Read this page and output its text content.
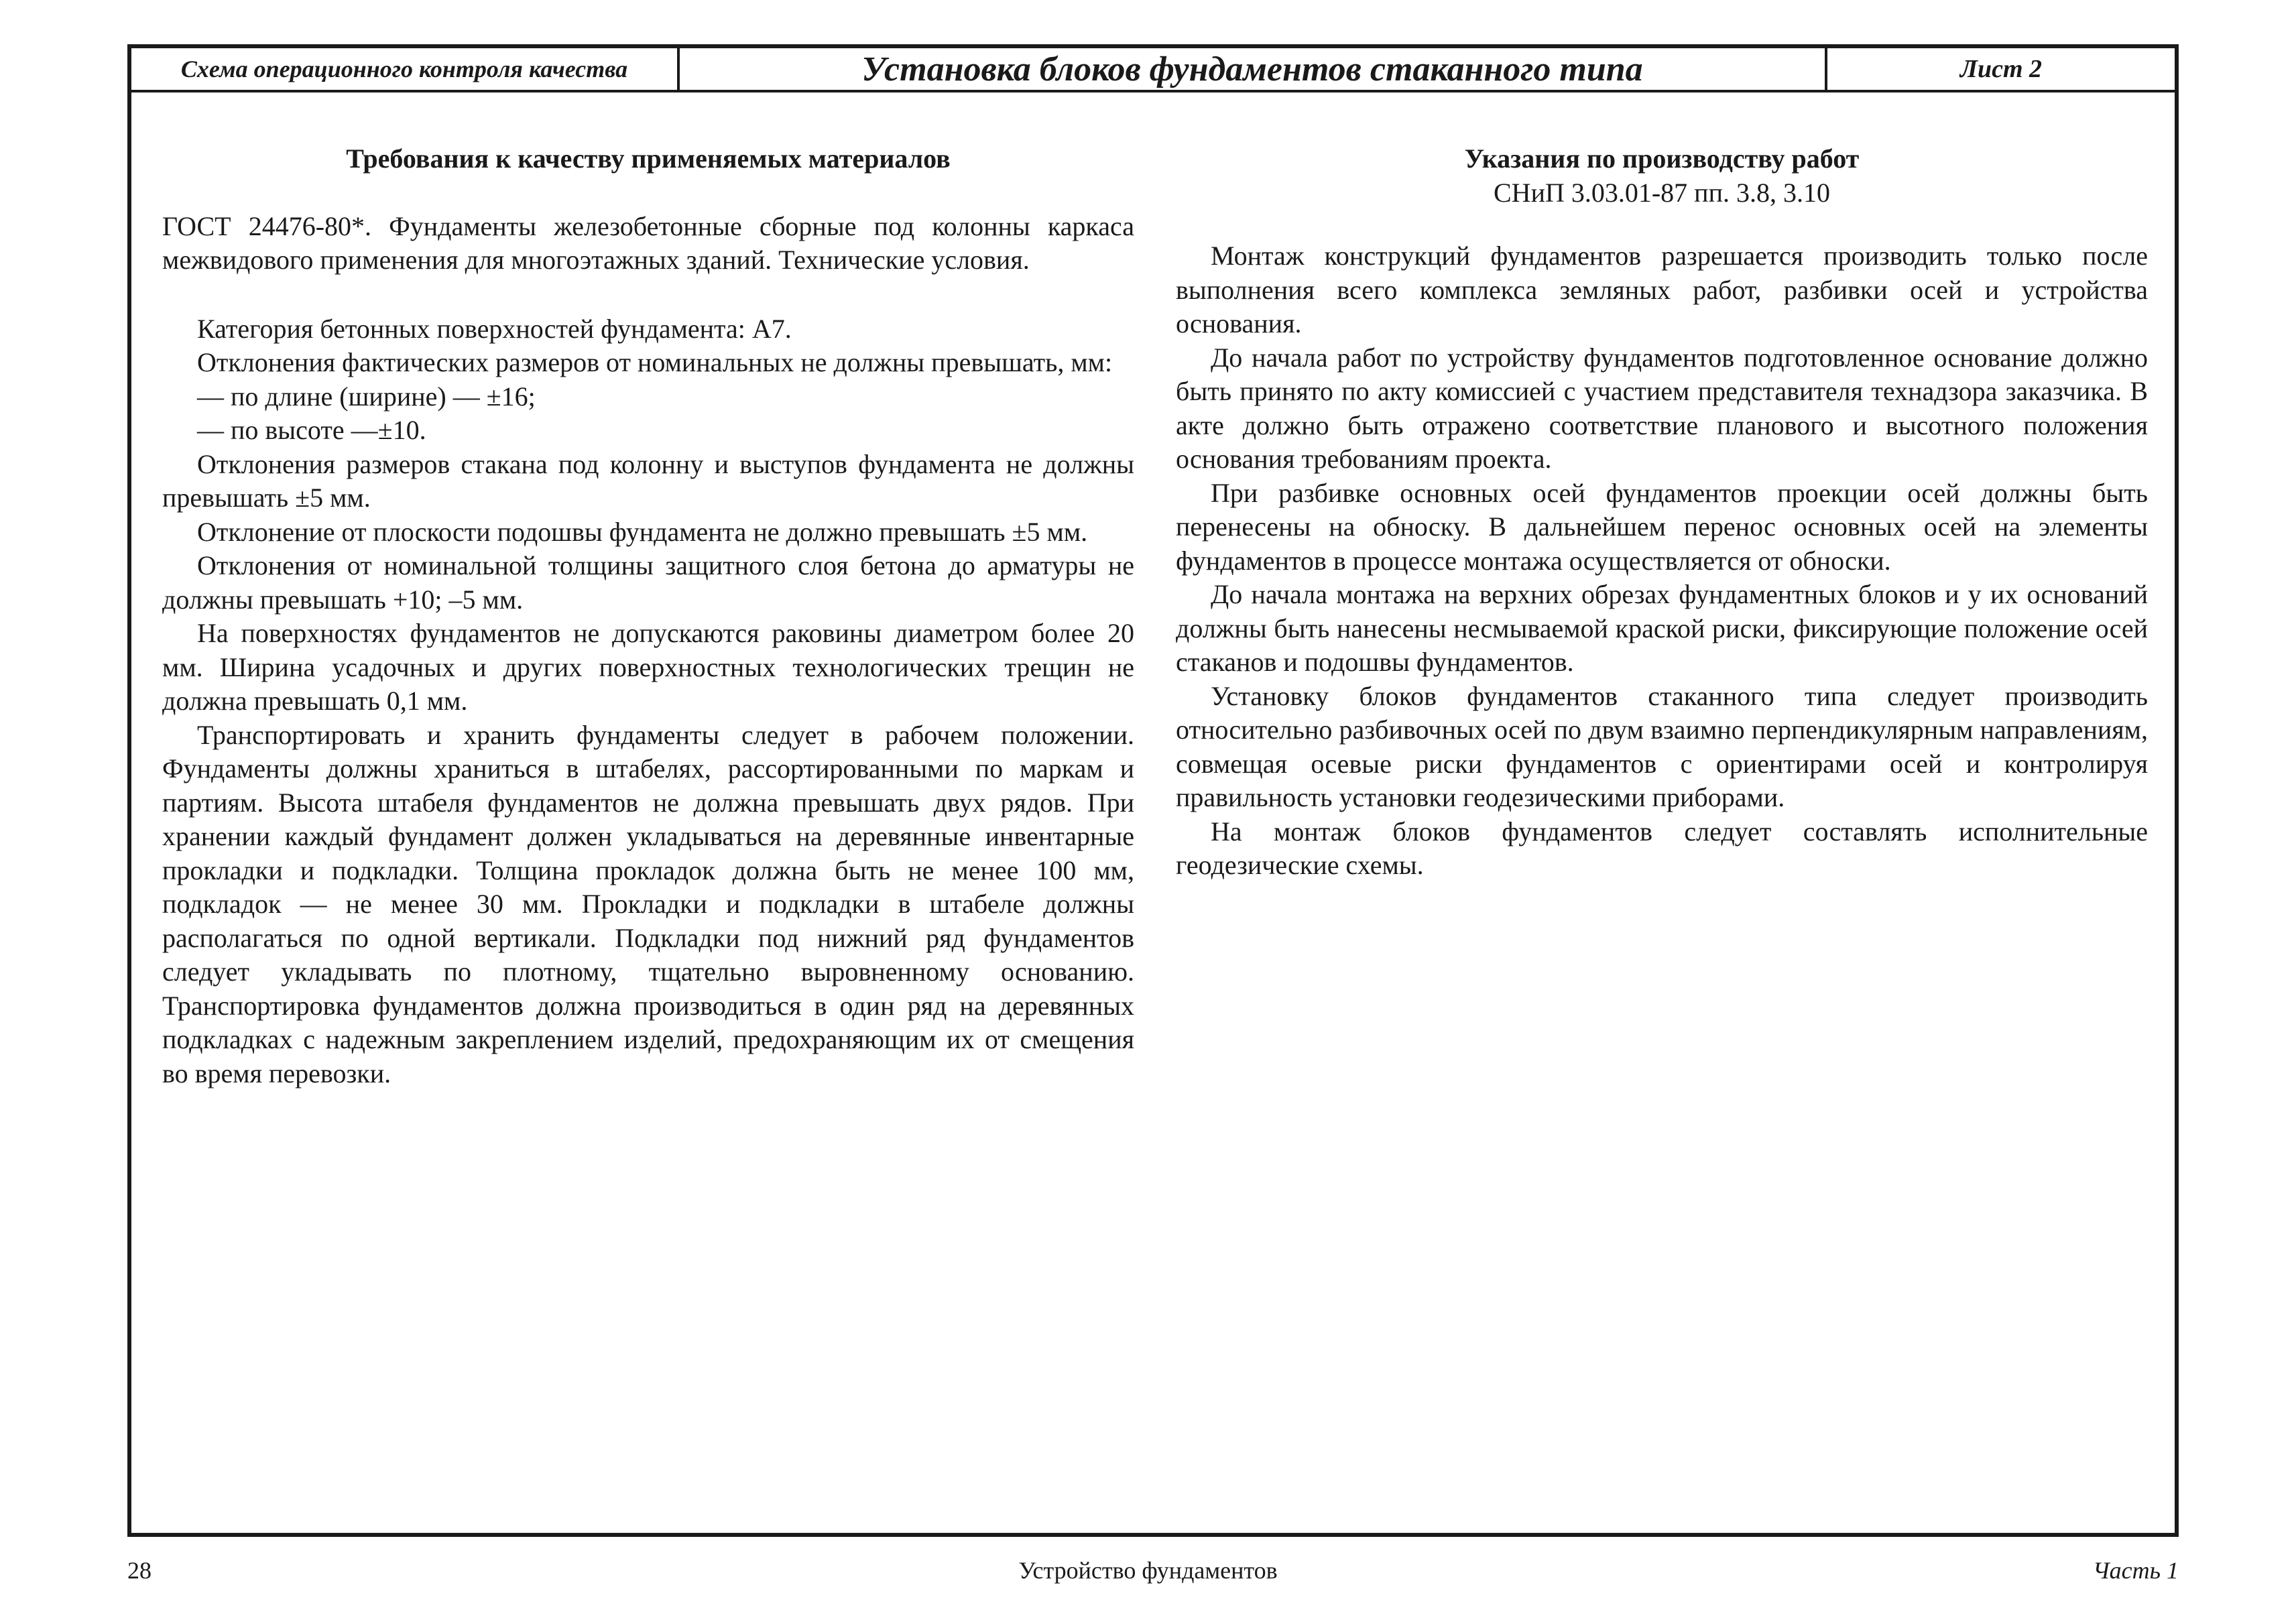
Схема операционного контроля качества	Установка блоков фундаментов стаканного типа	Лист 2
Требования к качеству применяемых материалов

ГОСТ 24476-80*. Фундаменты железобетонные сборные под колонны каркаса межвидового применения для многоэтажных зданий. Технические условия.

Категория бетонных поверхностей фундамента: А7.

Отклонения фактических размеров от номинальных не должны превышать, мм:

— по длине (ширине) — ±16;

— по высоте —±10.

Отклонения размеров стакана под колонну и выступов фундамента не должны превышать ±5 мм.

Отклонение от плоскости подошвы фундамента не должно превышать ±5 мм.

Отклонения от номинальной толщины защитного слоя бетона до арматуры не должны превышать +10; –5 мм.

На поверхностях фундаментов не допускаются раковины диаметром более 20 мм. Ширина усадочных и других поверхностных технологических трещин не должна превышать 0,1 мм.

Транспортировать и хранить фундаменты следует в рабочем положении. Фундаменты должны храниться в штабелях, рассортированными по маркам и партиям. Высота штабеля фундаментов не должна превышать двух рядов. При хранении каждый фундамент должен укладываться на деревянные инвентарные прокладки и подкладки. Толщина прокладок должна быть не менее 100 мм, подкладок — не менее 30 мм. Прокладки и подкладки в штабеле должны располагаться по одной вертикали. Подкладки под нижний ряд фундаментов следует укладывать по плотному, тщательно выровненному основанию. Транспортировка фундаментов должна производиться в один ряд на деревянных подкладках с надежным закреплением изделий, предохраняющим их от смещения во время перевозки.

Указания по производству работ
СНиП 3.03.01-87 пп. 3.8, 3.10

Монтаж конструкций фундаментов разрешается производить только после выполнения всего комплекса земляных работ, разбивки осей и устройства основания.

До начала работ по устройству фундаментов подготовленное основание должно быть принято по акту комиссией с участием представителя технадзора заказчика. В акте должно быть отражено соответствие планового и высотного положения основания требованиям проекта.

При разбивке основных осей фундаментов проекции осей должны быть перенесены на обноску. В дальнейшем перенос основных осей на элементы фундаментов в процессе монтажа осуществляется от обноски.

До начала монтажа на верхних обрезах фундаментных блоков и у их оснований должны быть нанесены несмываемой краской риски, фиксирующие положение осей стаканов и подошвы фундаментов.

Установку блоков фундаментов стаканного типа следует производить относительно разбивочных осей по двум взаимно перпендикулярным направлениям, совмещая осевые риски фундаментов с ориентирами осей и контролируя правильность установки геодезическими приборами.

На монтаж блоков фундаментов следует составлять исполнительные геодезические схемы.

28	Устройство фундаментов	Часть 1
